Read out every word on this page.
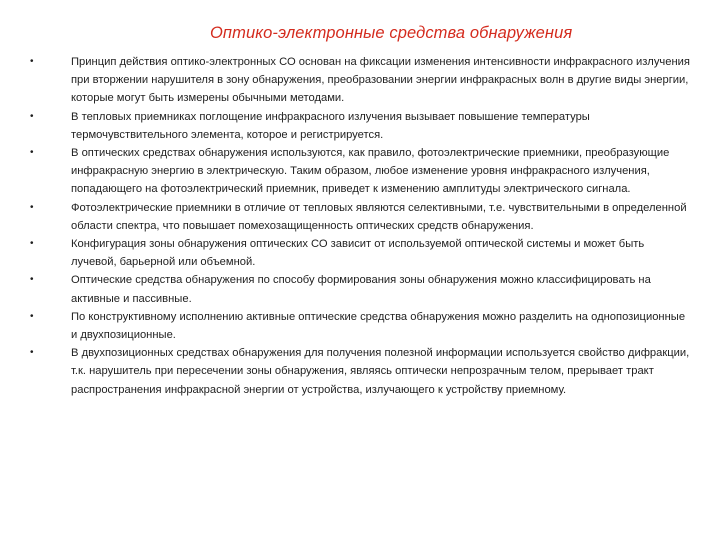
Оптико-электронные средства обнаружения
•	Принцип действия оптико-электронных СО основан на фиксации изменения интенсивности инфракрасного излучения при вторжении нарушителя в зону обнаружения, преобразовании энергии инфракрасных волн в другие виды энергии, которые могут быть измерены обычными методами.
•	В тепловых приемниках поглощение инфракрасного излучения вызывает повышение температуры термочувствительного элемента, которое и регистрируется.
•	В оптических средствах обнаружения используются, как правило, фотоэлектрические приемники, преобразующие инфракрасную энергию в электрическую. Таким образом, любое изменение уровня инфракрасного излучения, попадающего на фотоэлектрический приемник, приведет к изменению амплитуды электрического сигнала.
•	Фотоэлектрические приемники в отличие от тепловых являются селективными, т.е. чувствительными в определенной области спектра, что повышает помехозащищенность оптических средств обнаружения.
•	Конфигурация зоны обнаружения оптических СО зависит от используемой оптической системы и может быть лучевой, барьерной или объемной.
•	Оптические средства обнаружения по способу формирования зоны обнаружения можно классифицировать на активные и пассивные.
•	По конструктивному исполнению активные оптические средства обнаружения можно разделить на однопозиционные и двухпозиционные.
•	В двухпозиционных средствах обнаружения для получения полезной информации используется свойство дифракции, т.к. нарушитель при пересечении зоны обнаружения, являясь оптически непрозрачным телом, прерывает тракт распространения инфракрасной энергии от устройства, излучающего к устройству приемному.
